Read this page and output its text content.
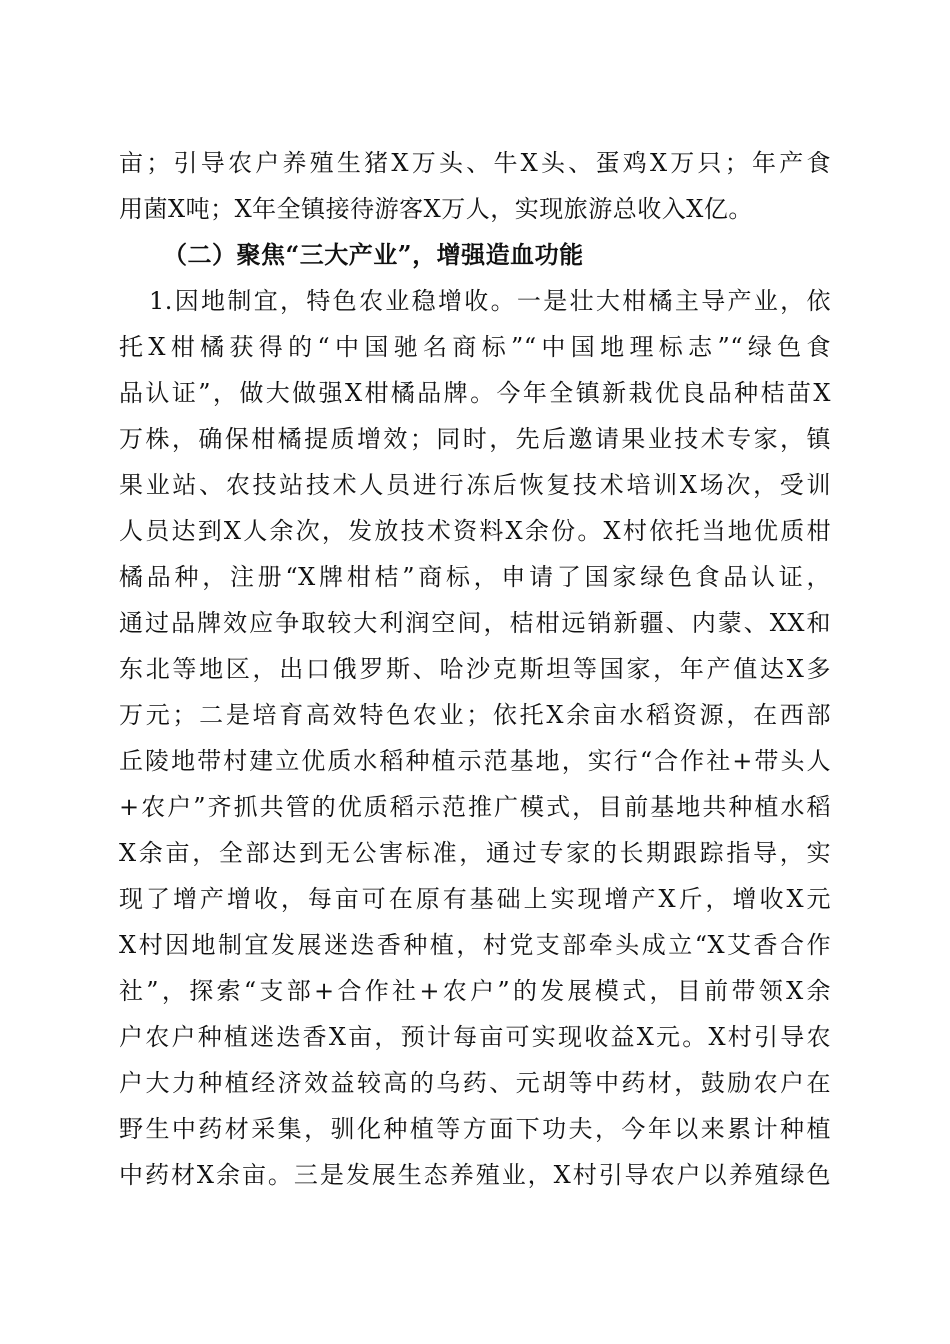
亩；引导农户养殖生猪X万头、牛X头、蛋鸡X万只；年产食
用菌X吨；X年全镇接待游客X万人，实现旅游总收入X亿。
（二）聚焦“三大产业”，增强造血功能
1.因地制宜，特色农业稳增收。一是壮大柑橘主导产业，依
托X柑橘获得的“中国驰名商标”“中国地理标志”“绿色食
品认证”，做大做强X柑橘品牌。今年全镇新栽优良品种桔苗X
万株，确保柑橘提质增效；同时，先后邀请果业技术专家，镇
果业站、农技站技术人员进行冻后恢复技术培训X场次，受训
人员达到X人余次，发放技术资料X余份。X村依托当地优质柑
橘品种，注册“X牌柑桔”商标，申请了国家绿色食品认证，
通过品牌效应争取较大利润空间，桔柑远销新疆、内蒙、XX和
东北等地区，出口俄罗斯、哈沙克斯坦等国家，年产值达X多
万元；二是培育高效特色农业；依托X余亩水稻资源，在西部
丘陵地带村建立优质水稻种植示范基地，实行“合作社+带头人
+农户”齐抓共管的优质稻示范推广模式，目前基地共种植水稻
X余亩，全部达到无公害标准，通过专家的长期跟踪指导，实
现了增产增收，每亩可在原有基础上实现增产X斤，增收X元
X村因地制宜发展迷迭香种植，村党支部牵头成立“X艾香合作
社”，探索“支部+合作社+农户”的发展模式，目前带领X余
户农户种植迷迭香X亩，预计每亩可实现收益X元。X村引导农
户大力种植经济效益较高的乌药、元胡等中药材，鼓励农户在
野生中药材采集，驯化种植等方面下功夫，今年以来累计种植
中药材X余亩。三是发展生态养殖业，X村引导农户以养殖绿色
